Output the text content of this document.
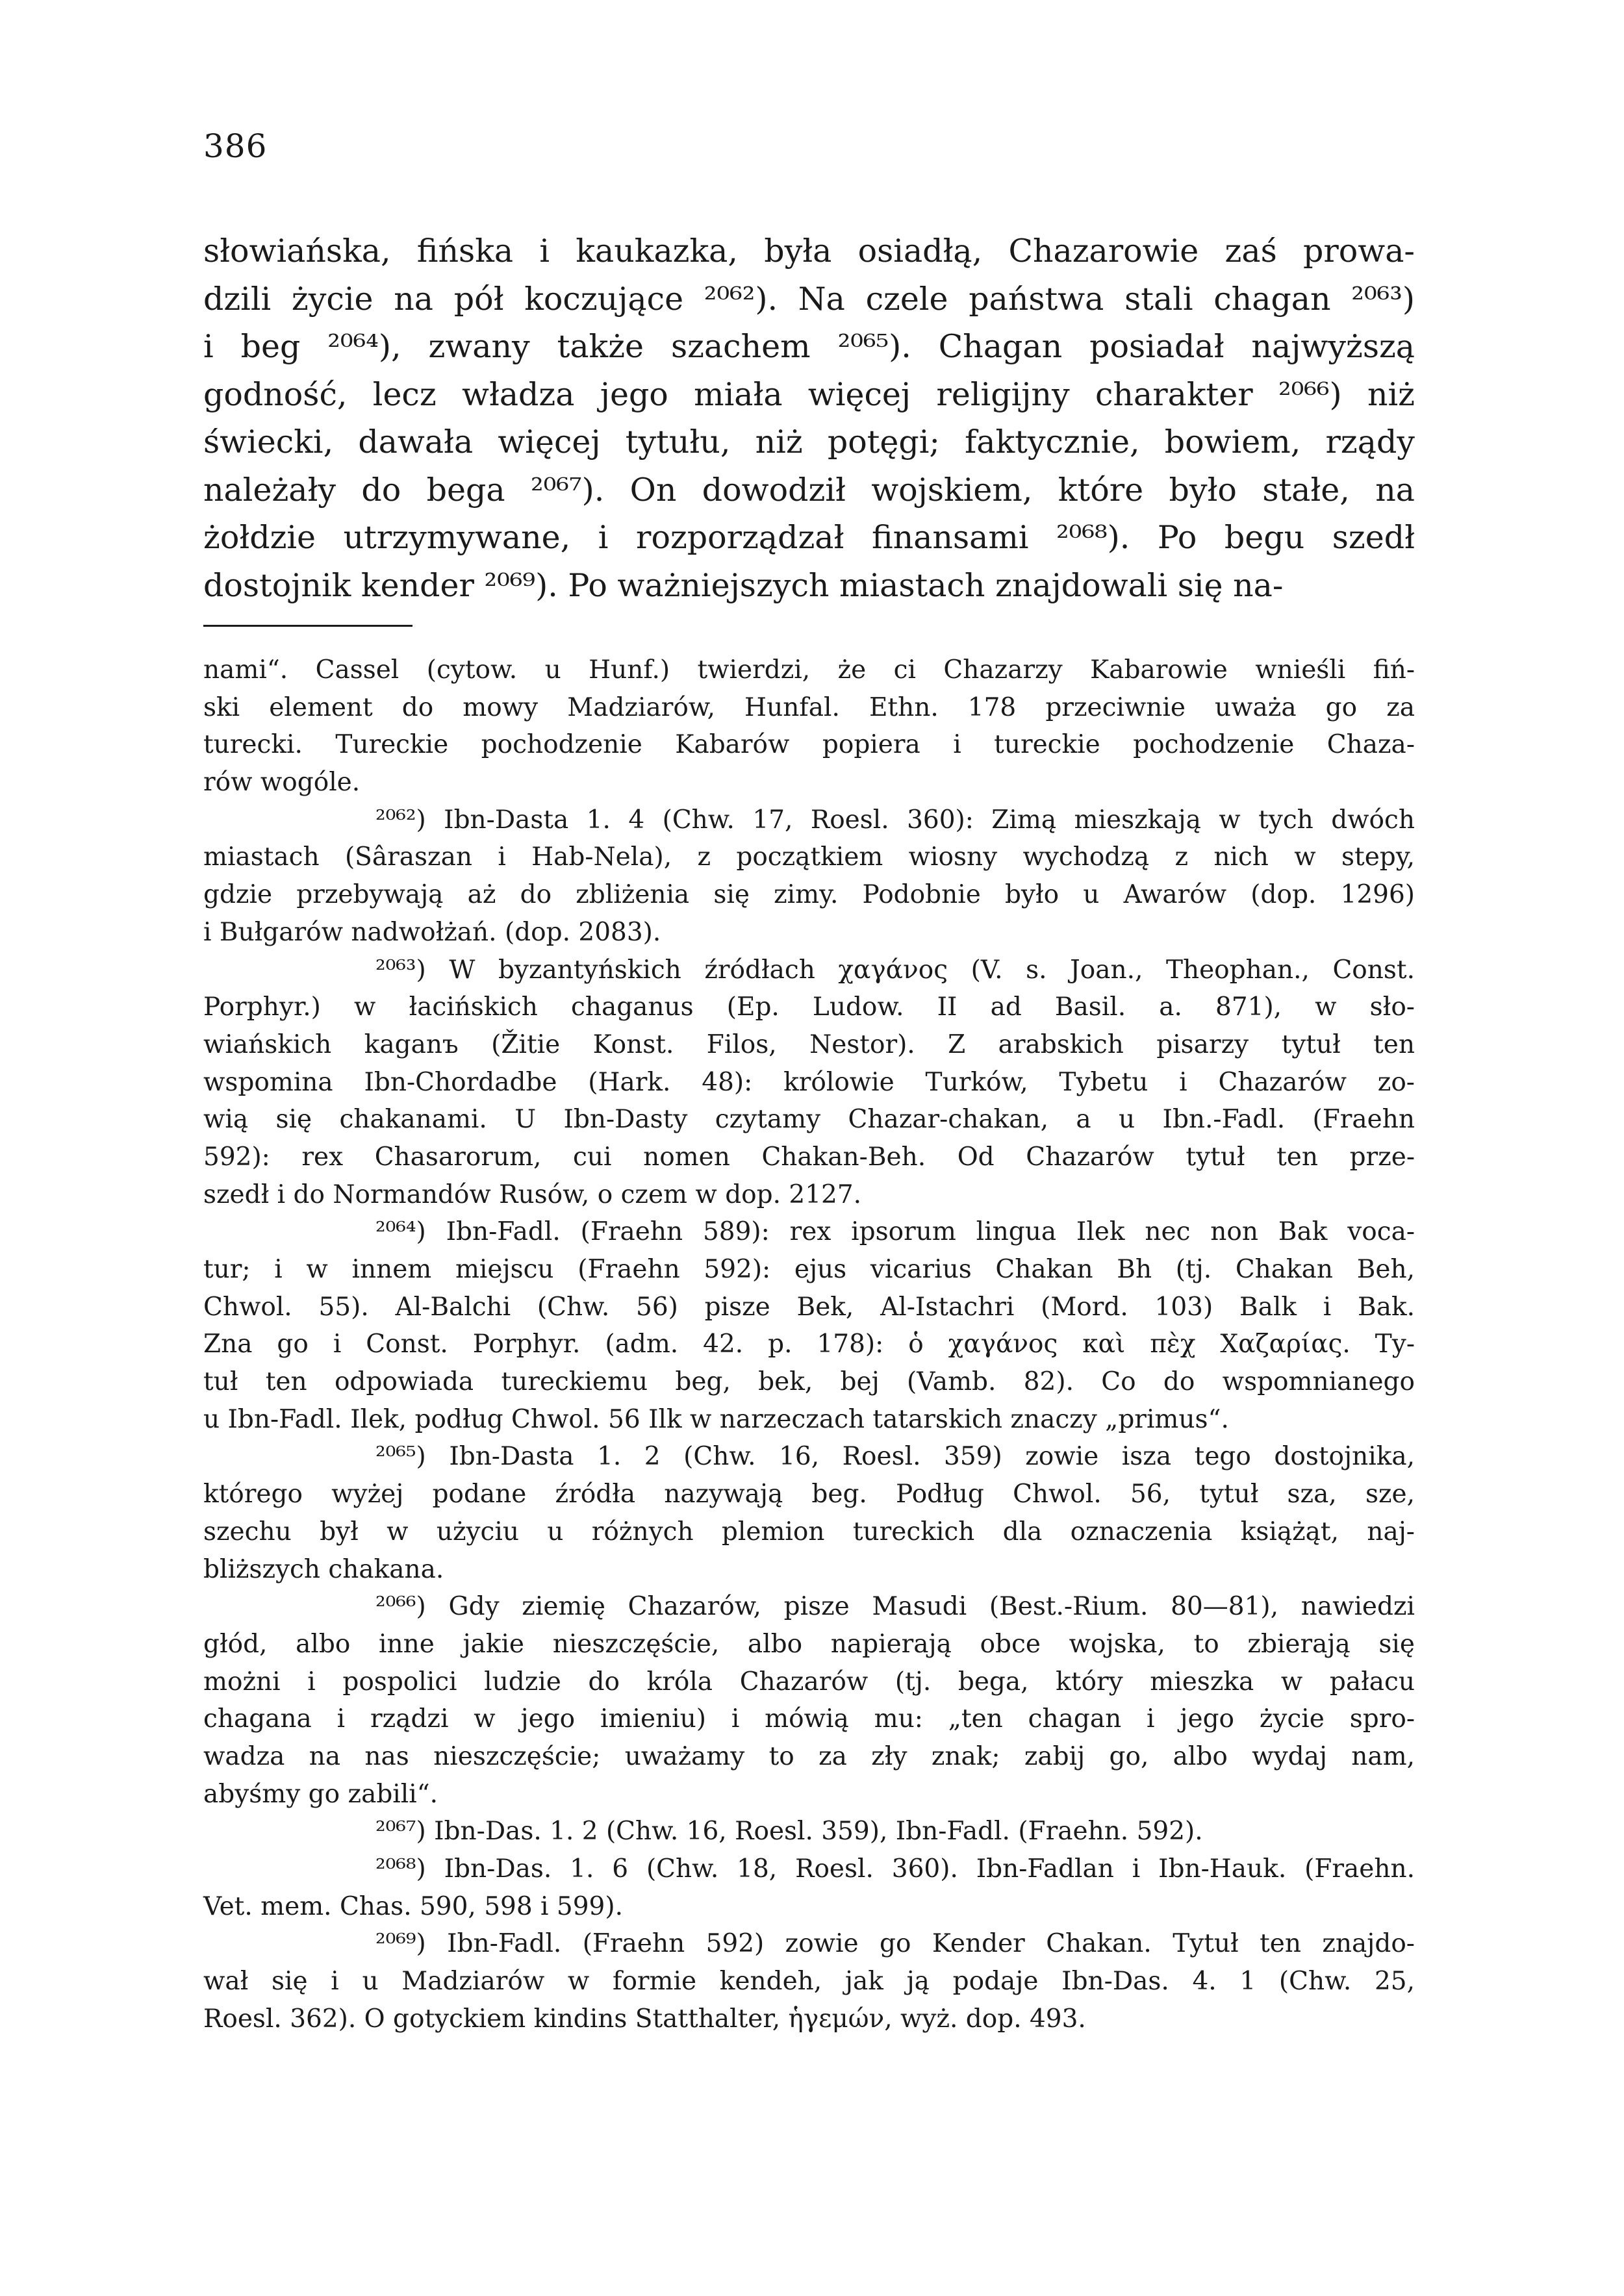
386
słowiańska, fińska i kaukazka, była osiadłą, Chazarowie zaś prowa-
dzili życie na pół koczujące ²⁰⁶²). Na czele państwa stali chagan ²⁰⁶³)
i beg ²⁰⁶⁴), zwany także szachem ²⁰⁶⁵). Chagan posiadał najwyższą
godność, lecz władza jego miała więcej religijny charakter ²⁰⁶⁶) niż
świecki, dawała więcej tytułu, niż potęgi; faktycznie, bowiem, rządy
należały do bega ²⁰⁶⁷). On dowodził wojskiem, które było stałe, na
żołdzie utrzymywane, i rozporządzał finansami ²⁰⁶⁸). Po begu szedł
dostojnik kender ²⁰⁶⁹). Po ważniejszych miastach znajdowali się na-
nami“. Cassel (cytow. u Hunf.) twierdzi, że ci Chazarzy Kabarowie wnieśli fiń-
ski element do mowy Madziarów, Hunfal. Ethn. 178 przeciwnie uważa go za
turecki. Tureckie pochodzenie Kabarów popiera i tureckie pochodzenie Chaza-
rów wogóle.
²⁰⁶²) Ibn-Dasta 1. 4 (Chw. 17, Roesl. 360): Zimą mieszkają w tych dwóch
miastach (Sâraszan i Hab-Nela), z początkiem wiosny wychodzą z nich w stepy,
gdzie przebywają aż do zbliżenia się zimy. Podobnie było u Awarów (dop. 1296)
i Bułgarów nadwołżań. (dop. 2083).
²⁰⁶³) W byzantyńskich źródłach χαγάνος (V. s. Joan., Theophan., Const.
Porphyr.) w łacińskich chaganus (Ep. Ludow. II ad Basil. a. 871), w sło-
wiańskich kaganъ (Žitie Konst. Filos, Nestor). Z arabskich pisarzy tytuł ten
wspomina Ibn-Chordadbe (Hark. 48): królowie Turków, Tybetu i Chazarów zo-
wią się chakanami. U Ibn-Dasty czytamy Chazar-chakan, a u Ibn.-Fadl. (Fraehn
592): rex Chasarorum, cui nomen Chakan-Beh. Od Chazarów tytuł ten prze-
szedł i do Normandów Rusów, o czem w dop. 2127.
²⁰⁶⁴) Ibn-Fadl. (Fraehn 589): rex ipsorum lingua Ilek nec non Bak voca-
tur; i w innem miejscu (Fraehn 592): ejus vicarius Chakan Bh (tj. Chakan Beh,
Chwol. 55). Al-Balchi (Chw. 56) pisze Bek, Al-Istachri (Mord. 103) Balk i Bak.
Zna go i Const. Porphyr. (adm. 42. p. 178): ὁ χαγάνος καὶ πὲχ Χαζαρίας. Ty-
tuł ten odpowiada tureckiemu beg, bek, bej (Vamb. 82). Co do wspomnianego
u Ibn-Fadl. Ilek, podług Chwol. 56 Ilk w narzeczach tatarskich znaczy „primus“.
²⁰⁶⁵) Ibn-Dasta 1. 2 (Chw. 16, Roesl. 359) zowie isza tego dostojnika,
którego wyżej podane źródła nazywają beg. Podług Chwol. 56, tytuł sza, sze,
szechu był w użyciu u różnych plemion tureckich dla oznaczenia książąt, naj-
bliższych chakana.
²⁰⁶⁶) Gdy ziemię Chazarów, pisze Masudi (Best.-Rium. 80—81), nawiedzi
głód, albo inne jakie nieszczęście, albo napierają obce wojska, to zbierają się
możni i pospolici ludzie do króla Chazarów (tj. bega, który mieszka w pałacu
chagana i rządzi w jego imieniu) i mówią mu: „ten chagan i jego życie spro-
wadza na nas nieszczęście; uważamy to za zły znak; zabij go, albo wydaj nam,
abyśmy go zabili“.
²⁰⁶⁷) Ibn-Das. 1. 2 (Chw. 16, Roesl. 359), Ibn-Fadl. (Fraehn. 592).
²⁰⁶⁸) Ibn-Das. 1. 6 (Chw. 18, Roesl. 360). Ibn-Fadlan i Ibn-Hauk. (Fraehn.
Vet. mem. Chas. 590, 598 i 599).
²⁰⁶⁹) Ibn-Fadl. (Fraehn 592) zowie go Kender Chakan. Tytuł ten znajdo-
wał się i u Madziarów w formie kendeh, jak ją podaje Ibn-Das. 4. 1 (Chw. 25,
Roesl. 362). O gotyckiem kindins Statthalter, ἡγεμών, wyż. dop. 493.
